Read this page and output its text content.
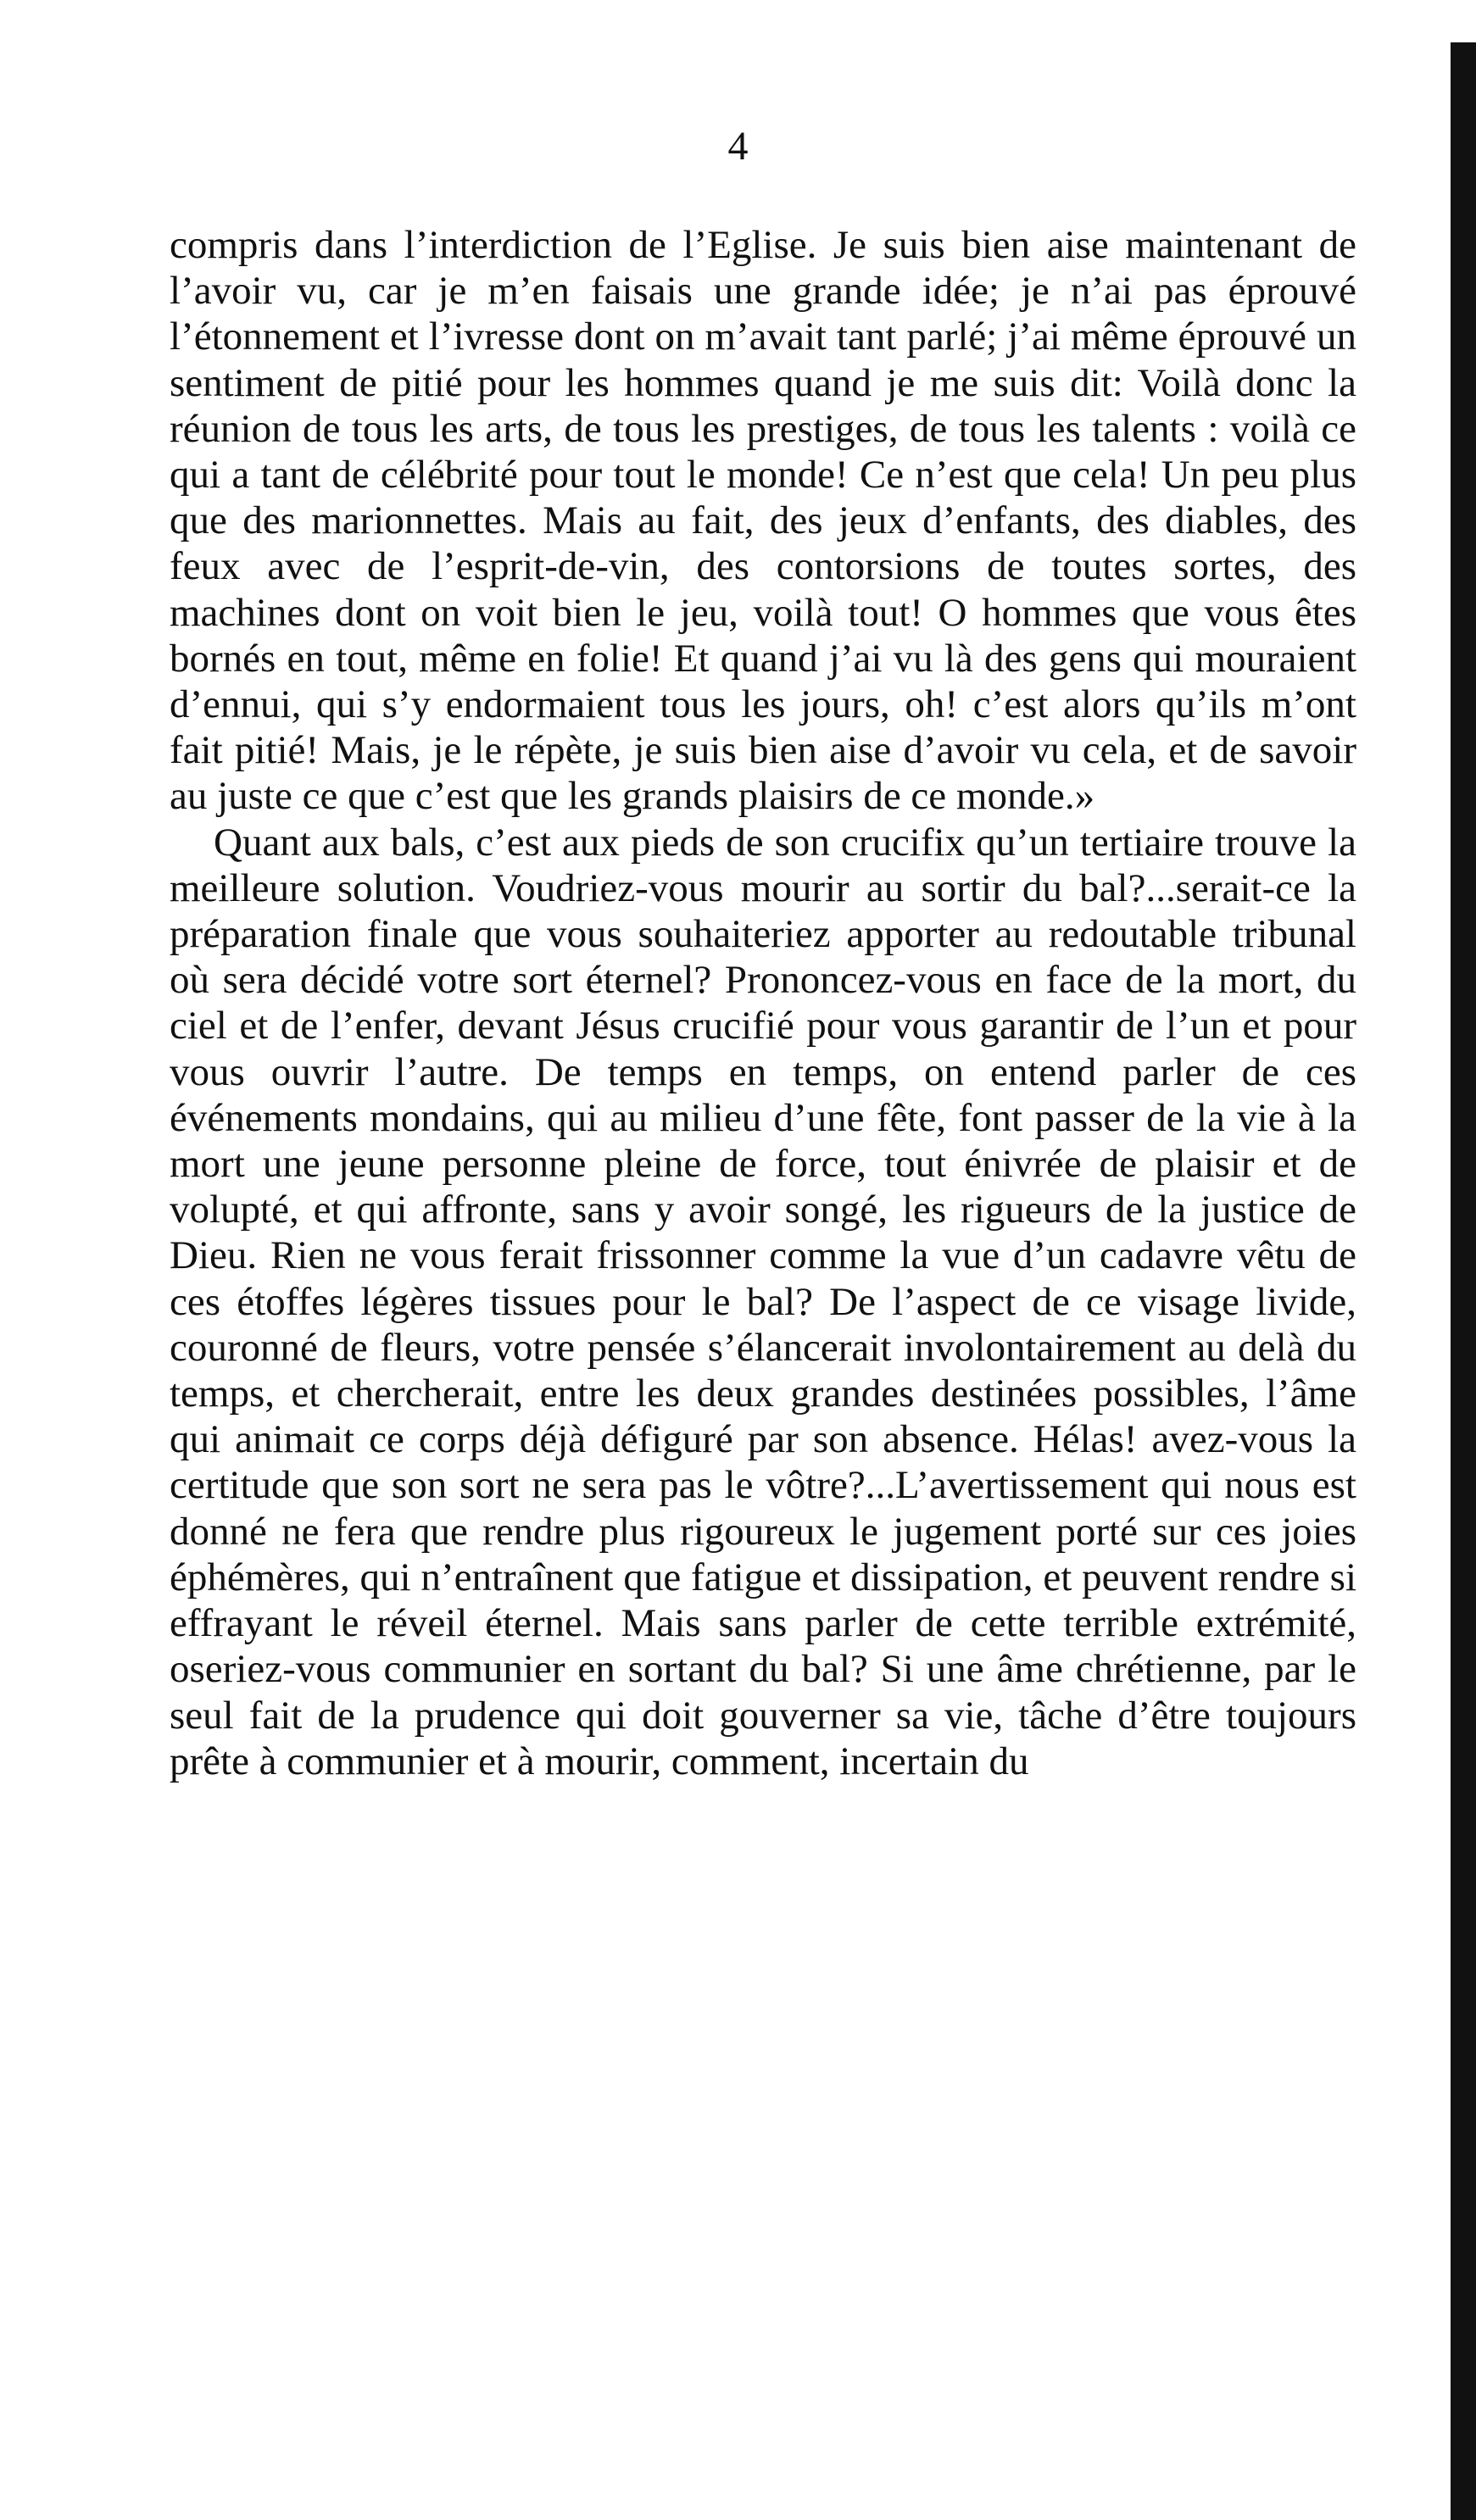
4

compris dans l’interdiction de l’Eglise. Je suis bien aise maintenant de l’avoir vu, car je m’en faisais une grande idée; je n’ai pas éprouvé l’étonnement et l’ivresse dont on m’avait tant parlé; j’ai même éprouvé un sentiment de pitié pour les hommes quand je me suis dit: Voilà donc la réunion de tous les arts, de tous les prestiges, de tous les talents : voilà ce qui a tant de célébrité pour tout le monde! Ce n’est que cela! Un peu plus que des marionnettes. Mais au fait, des jeux d’enfants, des diables, des feux avec de l’esprit-de-vin, des contorsions de toutes sortes, des machines dont on voit bien le jeu, voilà tout! O hommes que vous êtes bornés en tout, même en folie! Et quand j’ai vu là des gens qui mouraient d’ennui, qui s’y endormaient tous les jours, oh! c’est alors qu’ils m’ont fait pitié! Mais, je le répète, je suis bien aise d’avoir vu cela, et de savoir au juste ce que c’est que les grands plaisirs de ce monde.»

Quant aux bals, c’est aux pieds de son crucifix qu’un tertiaire trouve la meilleure solution. Voudriez-vous mourir au sortir du bal?...serait-ce la préparation finale que vous souhaiteriez apporter au redoutable tribunal où sera décidé votre sort éternel? Prononcez-vous en face de la mort, du ciel et de l’enfer, devant Jésus crucifié pour vous garantir de l’un et pour vous ouvrir l’autre. De temps en temps, on entend parler de ces événements mondains, qui au milieu d’une fête, font passer de la vie à la mort une jeune personne pleine de force, tout énivrée de plaisir et de volupté, et qui affronte, sans y avoir songé, les rigueurs de la justice de Dieu. Rien ne vous ferait frissonner comme la vue d’un cadavre vêtu de ces étoffes légères tissues pour le bal? De l’aspect de ce visage livide, couronné de fleurs, votre pensée s’élancerait involontairement au delà du temps, et chercherait, entre les deux grandes destinées possibles, l’âme qui animait ce corps déjà défiguré par son absence. Hélas! avez-vous la certitude que son sort ne sera pas le vôtre?...L’avertissement qui nous est donné ne fera que rendre plus rigoureux le jugement porté sur ces joies éphémères, qui n’entraînent que fatigue et dissipation, et peuvent rendre si effrayant le réveil éternel. Mais sans parler de cette terrible extrémité, oseriez-vous communier en sortant du bal? Si une âme chrétienne, par le seul fait de la prudence qui doit gouverner sa vie, tâche d’être toujours prête à communier et à mourir, comment, incertain du
